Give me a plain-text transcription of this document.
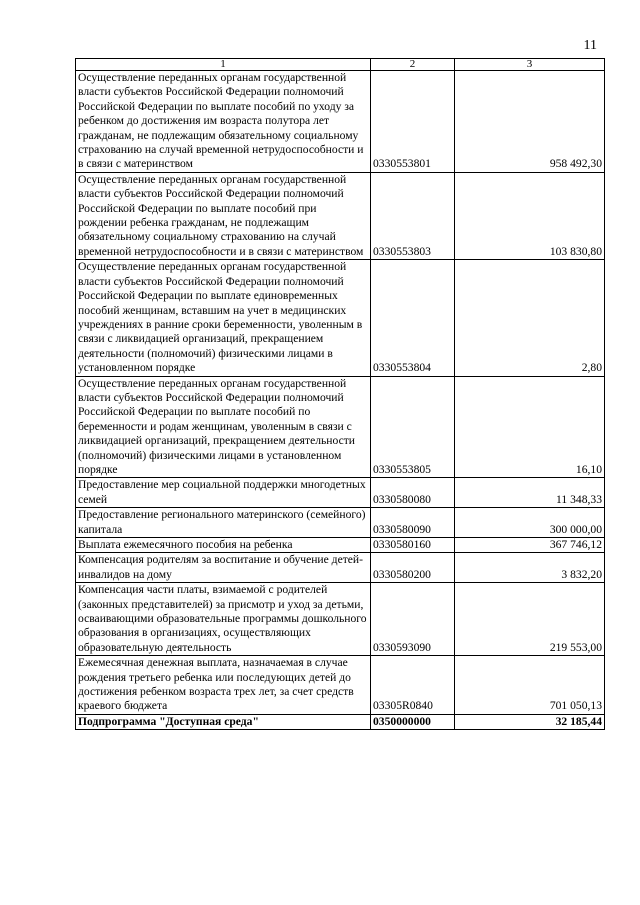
11
1	2	3
Осуществление переданных органам государственной власти субъектов Российской Федерации полномочий Российской Федерации по выплате пособий по уходу за ребенком до достижения им возраста полутора лет гражданам, не подлежащим обязательному социальному страхованию на случай временной нетрудоспособности и в связи с материнством	0330553801	958 492,30
Осуществление переданных органам государственной власти субъектов Российской Федерации полномочий Российской Федерации по выплате пособий при рождении ребенка гражданам, не подлежащим обязательному социальному страхованию на случай временной нетрудоспособности и в связи с материнством	0330553803	103 830,80
Осуществление переданных органам государственной власти субъектов Российской Федерации полномочий Российской Федерации по выплате единовременных пособий женщинам, вставшим на учет в медицинских учреждениях в ранние сроки беременности, уволенным в связи с ликвидацией организаций, прекращением деятельности (полномочий) физическими лицами в установленном порядке	0330553804	2,80
Осуществление переданных органам государственной власти субъектов Российской Федерации полномочий Российской Федерации по выплате пособий по беременности и родам женщинам, уволенным в связи с ликвидацией организаций, прекращением деятельности (полномочий) физическими лицами в установленном порядке	0330553805	16,10
Предоставление мер социальной поддержки многодетных семей	0330580080	11 348,33
Предоставление регионального материнского (семейного) капитала	0330580090	300 000,00
Выплата ежемесячного пособия на ребенка	0330580160	367 746,12
Компенсация родителям за воспитание и обучение детей-инвалидов на дому	0330580200	3 832,20
Компенсация части платы, взимаемой с родителей (законных представителей) за присмотр и уход за детьми, осваивающими образовательные программы дошкольного образования в организациях, осуществляющих образовательную деятельность	0330593090	219 553,00
Ежемесячная денежная выплата, назначаемая в случае рождения третьего ребенка или последующих детей до достижения ребенком возраста трех лет, за счет средств краевого бюджета	03305R0840	701 050,13
Подпрограмма "Доступная среда"	0350000000	32 185,44
